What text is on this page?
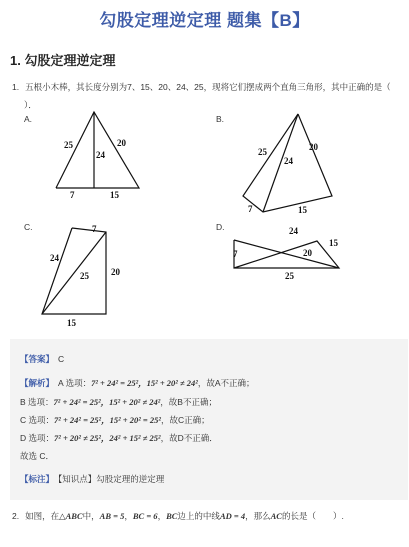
勾股定理逆定理 题集【B】
1. 勾股定理逆定理
1. 五根小木棒，其长度分别为7、15、20、24、25，现将它们摆成两个直角三角形，其中正确的是（
）．
A.	B.
C.	D.
25
24
20
7	15
25
24
20
7	15
7
24
25 20
15
24
7	20
15
25
【答案】 C
【解析】 A 选项：7² + 24² = 25²，15² + 20² ≠ 24²，故A不正确；
B 选项：7² + 24² = 25²，15² + 20² ≠ 24²，故B不正确；
C 选项：7² + 24² = 25²，15² + 20² = 25²，故C正确；
D 选项：7² + 20² ≠ 25²，24² + 15² ≠ 25²，故D不正确．
故选 C．
【标注】 【知识点】勾股定理的逆定理
2. 如图，在△ABC中，AB = 5，BC = 6，BC边上的中线AD = 4，那么AC的长是（　　）.
